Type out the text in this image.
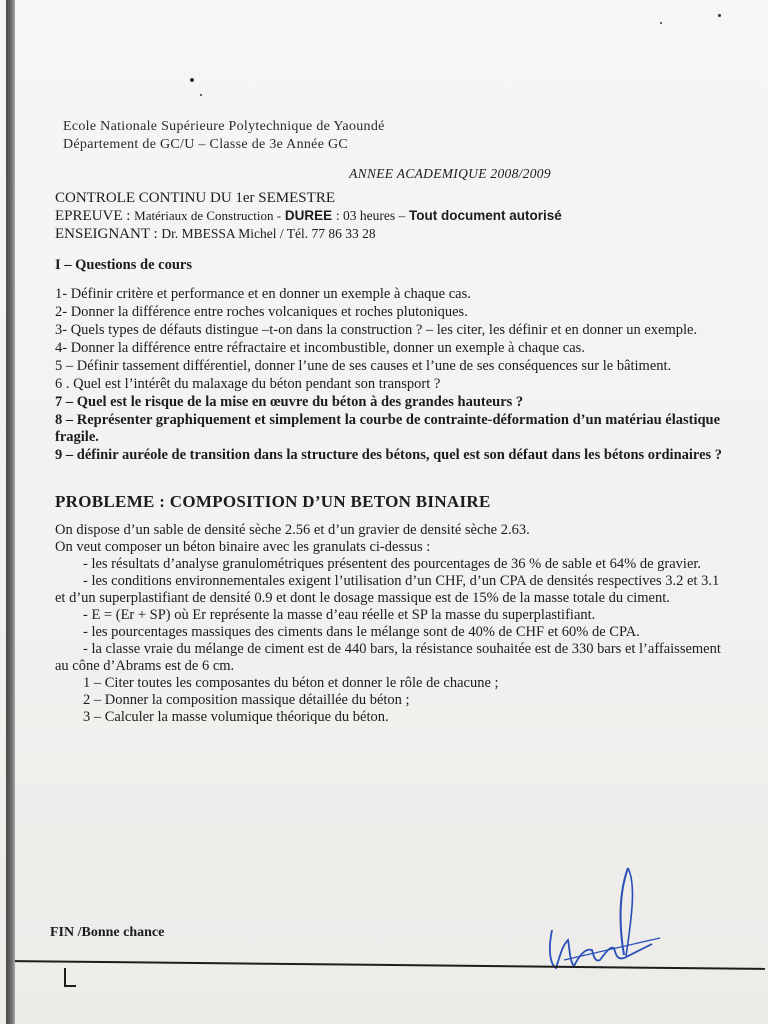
Ecole Nationale Supérieure Polytechnique de Yaoundé
Département de GC/U – Classe de 3e Année GC
ANNEE ACADEMIQUE 2008/2009
CONTROLE CONTINU DU 1er SEMESTRE
EPREUVE : Matériaux de Construction - DUREE : 03 heures – Tout document autorisé
ENSEIGNANT : Dr. MBESSA Michel / Tél. 77 86 33 28
I – Questions de cours
1- Définir critère et performance et en donner un exemple à chaque cas.
2- Donner la différence entre roches volcaniques et roches plutoniques.
3- Quels types de défauts distingue –t-on dans la construction ? – les citer, les définir et en donner un exemple.
4- Donner la différence entre réfractaire et incombustible, donner un exemple à chaque cas.
5 – Définir tassement différentiel, donner l’une de ses causes et l’une de ses conséquences sur le bâtiment.
6 . Quel est l’intérêt du malaxage du béton pendant son transport ?
7 – Quel est le risque de la mise en œuvre du béton à des grandes hauteurs ?
8 – Représenter graphiquement et simplement la courbe de contrainte-déformation d’un matériau élastique fragile.
9 – définir auréole de transition dans la structure des bétons, quel est son défaut dans les bétons ordinaires ?
PROBLEME : COMPOSITION D’UN BETON BINAIRE
On dispose d’un sable de densité sèche 2.56 et d’un gravier de densité sèche 2.63.
On veut composer un béton binaire avec les granulats ci-dessus :
- les résultats d’analyse granulométriques présentent des pourcentages de 36 % de sable et 64% de gravier.
- les conditions environnementales exigent l’utilisation d’un CHF, d’un CPA de densités respectives 3.2 et 3.1 et d’un superplastifiant de densité 0.9 et dont le dosage massique est de 15% de la masse totale du ciment.
- E = (Er + SP) où Er représente la masse d’eau réelle et SP la masse du superplastifiant.
- les pourcentages massiques des ciments dans le mélange sont de 40% de CHF et 60% de CPA.
- la classe vraie du mélange de ciment est de 440 bars, la résistance souhaitée est de 330 bars et l’affaissement au cône d’Abrams est de 6 cm.
1 – Citer toutes les composantes du béton et donner le rôle de chacune ;
2 – Donner la composition massique détaillée du béton ;
3 – Calculer la masse volumique théorique du béton.
FIN /Bonne chance
